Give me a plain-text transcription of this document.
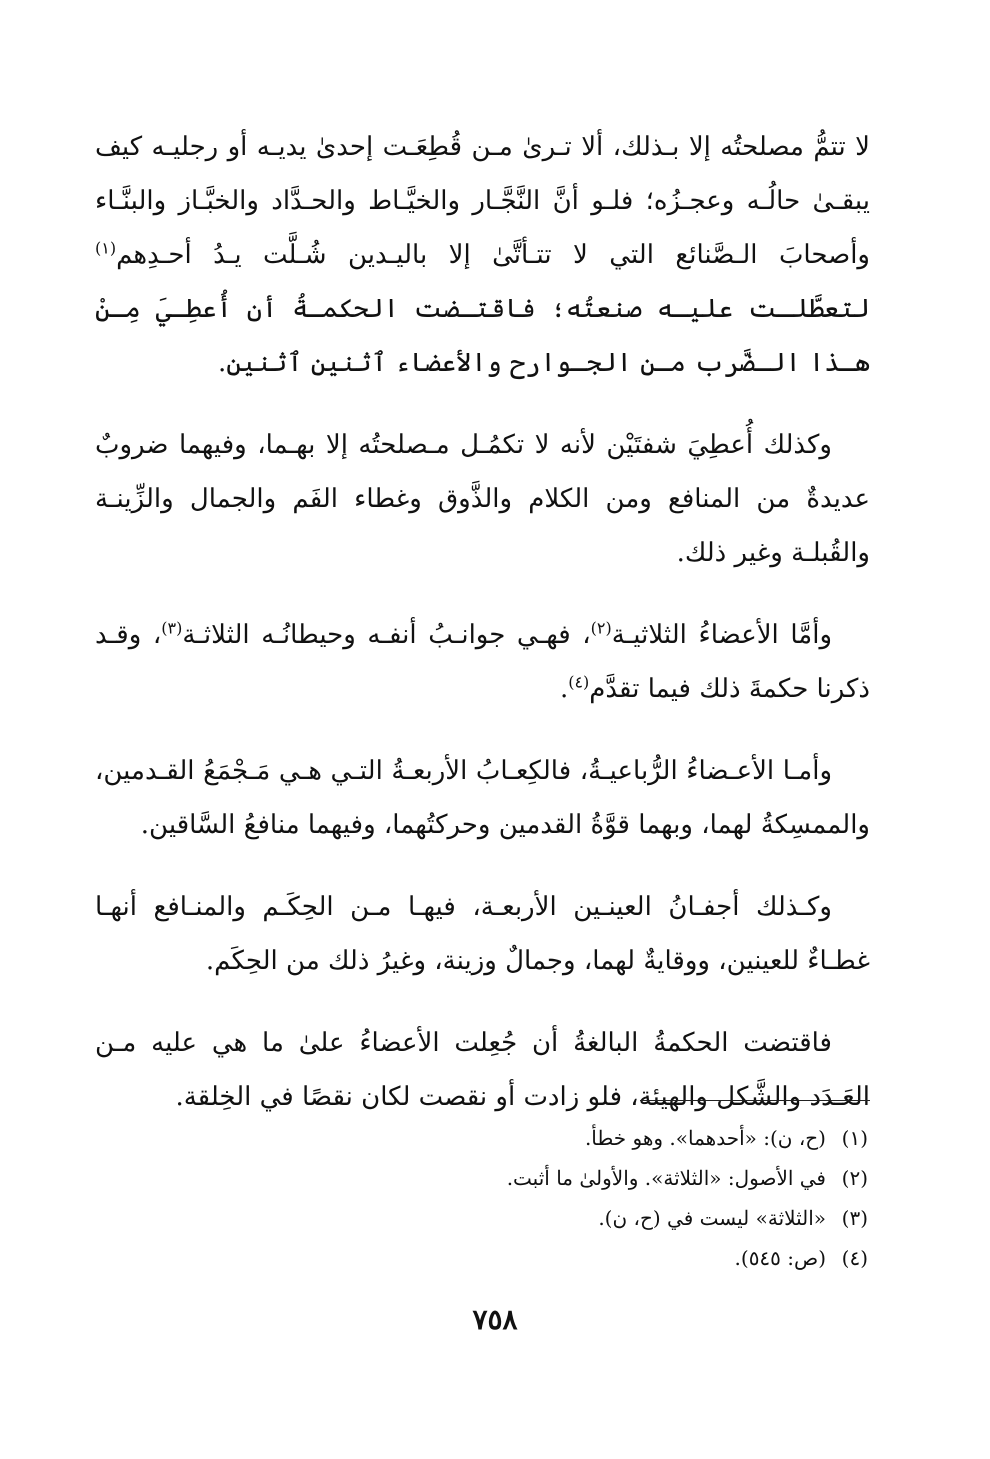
لا تتمُّ مصلحتُه إلا بـذلك، ألا تـرىٰ مـن قُطِعَـت إحدىٰ يديـه أو رجليـه كيف يبقـىٰ حالُـه وعجـزُه؛ فلـو أنَّ النَّجَّـار والخيَّـاط والحـدَّاد والخبَّـاز والبنَّـاء وأصحابَ الـصَّنائع التي لا تتـأتَّىٰ إلا باليـدين شُـلَّت يـدُ أحـدِهم$^{(١)}$ لتعطَّلـت عليـه صنعتُه؛ فاقتـضت الحكمـةُ أن أُعطِـيَ مِـنْ هـذا الـضَّرب مـن الجـوارح والأعضاء ٱثنين ٱثنين.

وكذلك أُعطِيَ شفتَيْن لأنه لا تكمُـل مـصلحتُه إلا بهـما، وفيهما ضروبٌ عديدةٌ من المنافع ومن الكلام والذَّوق وغطاء الفَم والجمال والزِّينـة والقُبلـة وغير ذلك.

وأمَّا الأعضاءُ الثلاثيـة$^{(٢)}$، فهـي جوانـبُ أنفـه وحيطانُـه الثلاثـة$^{(٣)}$، وقـد ذكرنا حكمةَ ذلك فيما تقدَّم$^{(٤)}$.

وأمـا الأعـضاءُ الرُّباعيـةُ، فالكِعـابُ الأربعـةُ التـي هـي مَـجْمَعُ القـدمين، والممسِكةُ لهما، وبهما قوَّةُ القدمين وحركتُهما، وفيهما منافعُ السَّاقين.

وكـذلك أجفـانُ العينـين الأربعـة، فيهـا مـن الحِكَـم والمنـافع أنهـا غطـاءٌ للعينين، ووقايةٌ لهما، وجمالٌ وزينة، وغيرُ ذلك من الحِكَم.

فاقتضت الحكمةُ البالغةُ أن جُعِلت الأعضاءُ علىٰ ما هي عليه مـن العَـدَد والشَّكل والهيئة، فلو زادت أو نقصت لكان نقصًا في الخِلقة.

(١)(ح، ن): «أحدهما». وهو خطأ.

(٢)في الأصول: «الثلاثة». والأولىٰ ما أثبت.

(٣)«الثلاثة» ليست في (ح، ن).

(٤)(ص: ٥٤٥).

٧٥٨
